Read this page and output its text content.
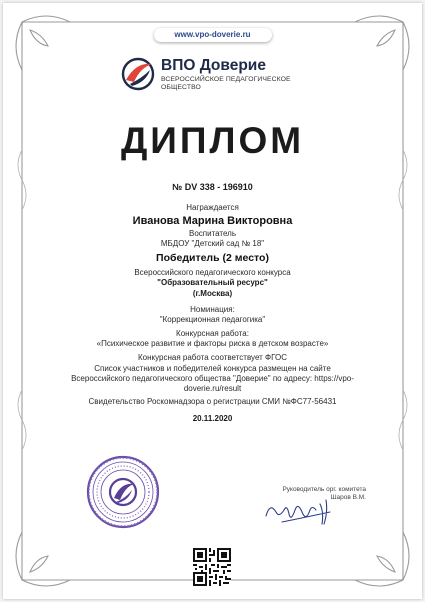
www.vpo-doverie.ru
ВПО Доверие
ВСЕРОССИЙСКОЕ ПЕДАГОГИЧЕСКОЕ
ОБЩЕСТВО
ДИПЛОМ
№ DV 338 - 196910
Награждается
Иванова Марина Викторовна
Воспитатель
МБДОУ "Детский сад № 18"
Победитель (2 место)
Всероссийского педагогического конкурса
"Образовательный ресурс"
(г.Москва)
Номинация:
"Коррекционная педагогика"
Конкурсная работа:
«Психическое развитие и факторы риска в детском возрасте»
Конкурсная работа соответствует ФГОС
Список участников и победителей конкурса размещен на сайте
Всероссийского педагогического общества "Доверие" по адресу: https://vpo-
doverie.ru/result
Свидетельство Роскомнадзора о регистрации СМИ №ФС77-56431
20.11.2020
Руководитель орг. комитета
Шаров В.М.
